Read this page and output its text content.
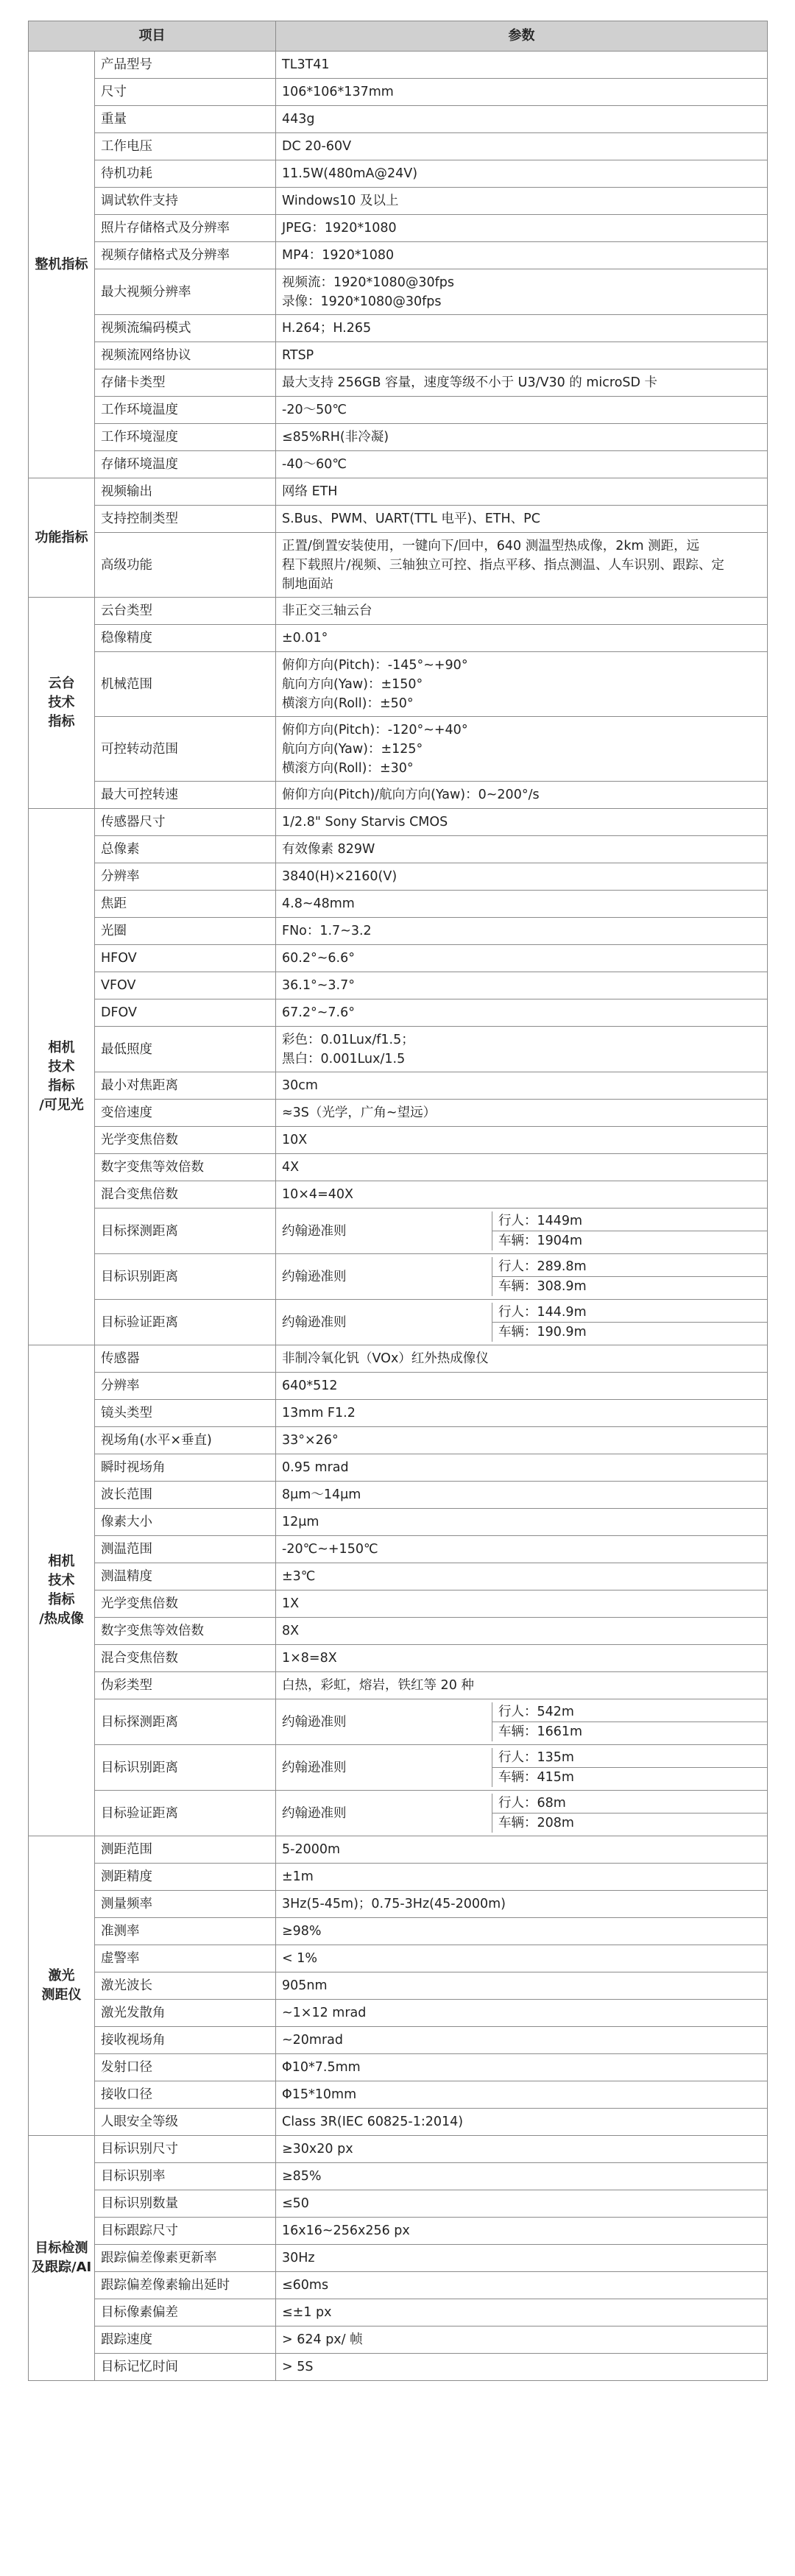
项目	参数

整机指标
	产品型号	TL3T41

尺寸	106*106*137mm

重量	443g

工作电压	DC 20-60V

待机功耗	11.5W(480mA@24V)

调试软件支持	Windows10 及以上

照片存储格式及分辨率	JPEG：1920*1080

视频存储格式及分辨率	MP4：1920*1080

最大视频分辨率	
视频流：1920*1080@30fps
录像：1920*1080@30fps

视频流编码模式	H.264；H.265

视频流网络协议	RTSP

存储卡类型	最大支持 256GB 容量，速度等级不小于 U3/V30 的 microSD 卡

工作环境温度	-20～50℃

工作环境湿度	≤85%RH(非冷凝)

存储环境温度	-40～60℃

功能指标
	视频输出	网络 ETH

支持控制类型	S.Bus、PWM、UART(TTL 电平)、ETH、PC

高级功能	
正置/倒置安装使用，一键向下/回中，640 测温型热成像，2km 测距，远
程下载照片/视频、三轴独立可控、指点平移、指点测温、人车识别、跟踪、定
制地面站

云台
技术
指标
	云台类型	非正交三轴云台

稳像精度	±0.01°

机械范围	
俯仰方向(Pitch)：-145°~+90°
航向方向(Yaw)：±150°
横滚方向(Roll)：±50°

可控转动范围	
俯仰方向(Pitch)：-120°~+40°
航向方向(Yaw)：±125°
横滚方向(Roll)：±30°

最大可控转速	俯仰方向(Pitch)/航向方向(Yaw)：0~200°/s

相机
技术
指标
/可见光
	传感器尺寸	1/2.8" Sony Starvis CMOS

总像素	有效像素 829W

分辨率	3840(H)×2160(V)

焦距	4.8~48mm

光圈	FNo：1.7~3.2

HFOV	60.2°~6.6°

VFOV	36.1°~3.7°

DFOV	67.2°~7.6°

最低照度	
彩色：0.01Lux/f1.5；
黑白：0.001Lux/1.5

最小对焦距离	30cm

变倍速度	≈3S（光学，广角~望远）

光学变焦倍数	10X

数字变焦等效倍数	4X

混合变焦倍数	10×4=40X

目标探测距离		约翰逊准则	行人：1449m
车辆：1904m

目标识别距离		约翰逊准则	行人：289.8m
车辆：308.9m

目标验证距离		约翰逊准则	行人：144.9m
车辆：190.9m

相机
技术
指标
/热成像
	传感器	非制冷氧化钒（VOx）红外热成像仪

分辨率	640*512

镜头类型	13mm F1.2

视场角(水平×垂直)	33°×26°

瞬时视场角	0.95 mrad

波长范围	8μm～14μm

像素大小	12μm

测温范围	-20℃~+150℃

测温精度	±3℃

光学变焦倍数	1X

数字变焦等效倍数	8X

混合变焦倍数	1×8=8X

伪彩类型	白热，彩虹，熔岩，铁红等 20 种

目标探测距离		约翰逊准则	行人：542m
车辆：1661m

目标识别距离		约翰逊准则	行人：135m
车辆：415m

目标验证距离		约翰逊准则	行人：68m
车辆：208m

激光
测距仪
	测距范围	5-2000m

测距精度	±1m

测量频率	3Hz(5-45m)；0.75-3Hz(45-2000m)

准测率	≥98%

虚警率	< 1%

激光波长	905nm

激光发散角	~1×12 mrad

接收视场角	~20mrad

发射口径	Φ10*7.5mm

接收口径	Φ15*10mm

人眼安全等级	Class 3R(IEC 60825-1:2014)

目标检测
及跟踪/AI
	目标识别尺寸	≥30x20 px

目标识别率	≥85%

目标识别数量	≤50

目标跟踪尺寸	16x16~256x256 px

跟踪偏差像素更新率	30Hz

跟踪偏差像素输出延时	≤60ms

目标像素偏差	≤±1 px

跟踪速度	> 624 px/ 帧

目标记忆时间	> 5S
